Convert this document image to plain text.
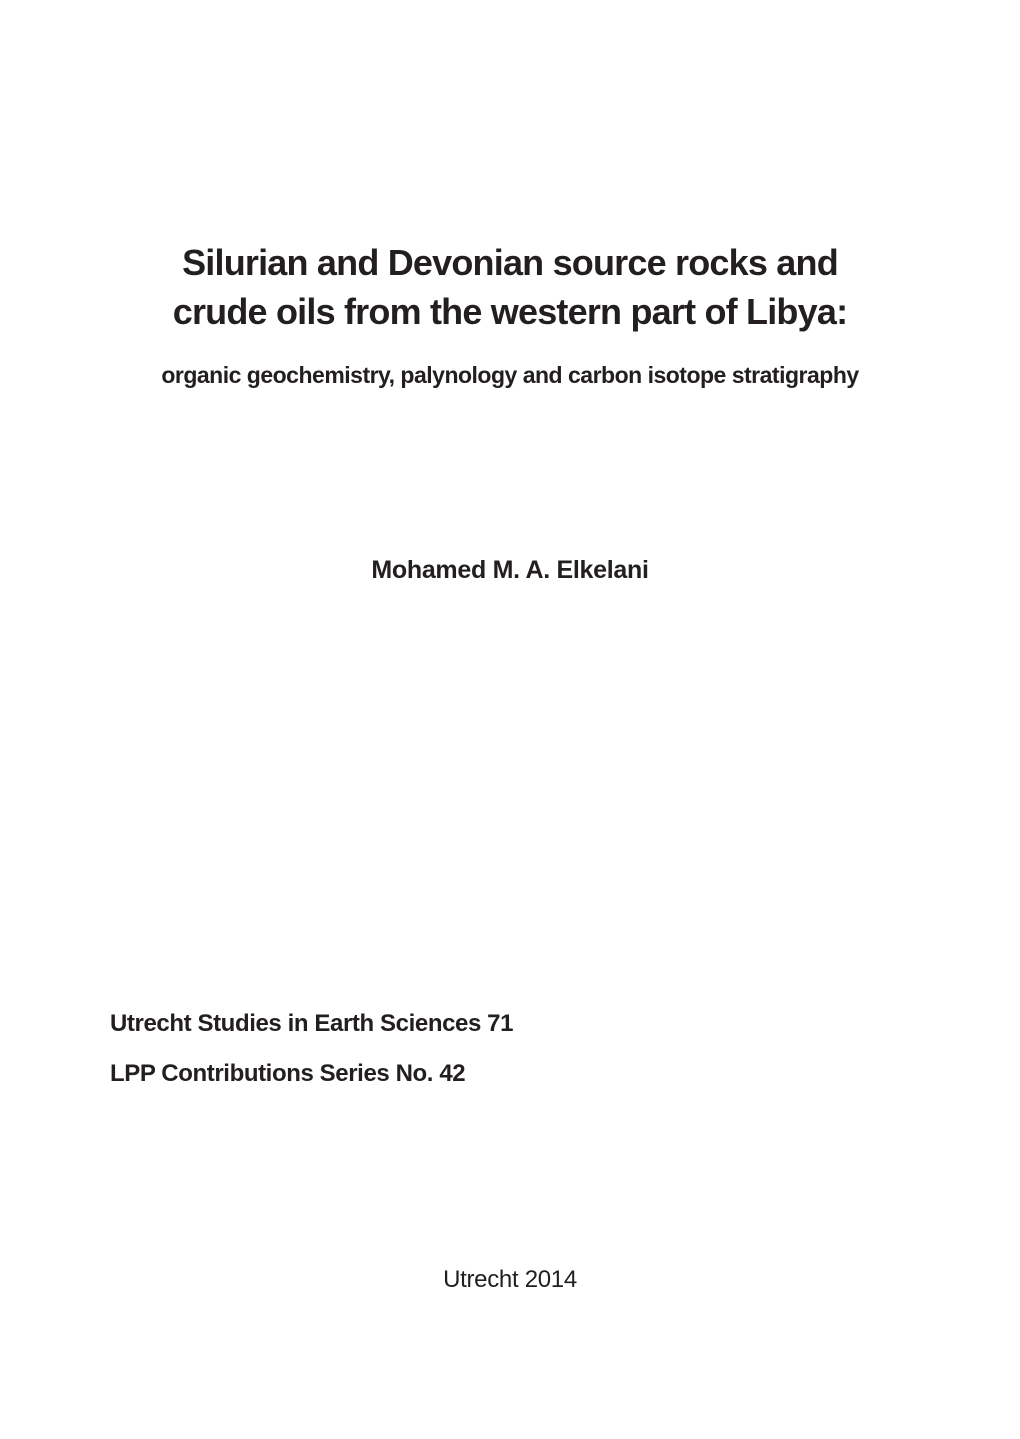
Silurian and Devonian source rocks and
crude oils from the western part of Libya:
organic geochemistry, palynology and carbon isotope stratigraphy
Mohamed M. A. Elkelani
Utrecht Studies in Earth Sciences 71
LPP Contributions Series No. 42
Utrecht 2014
